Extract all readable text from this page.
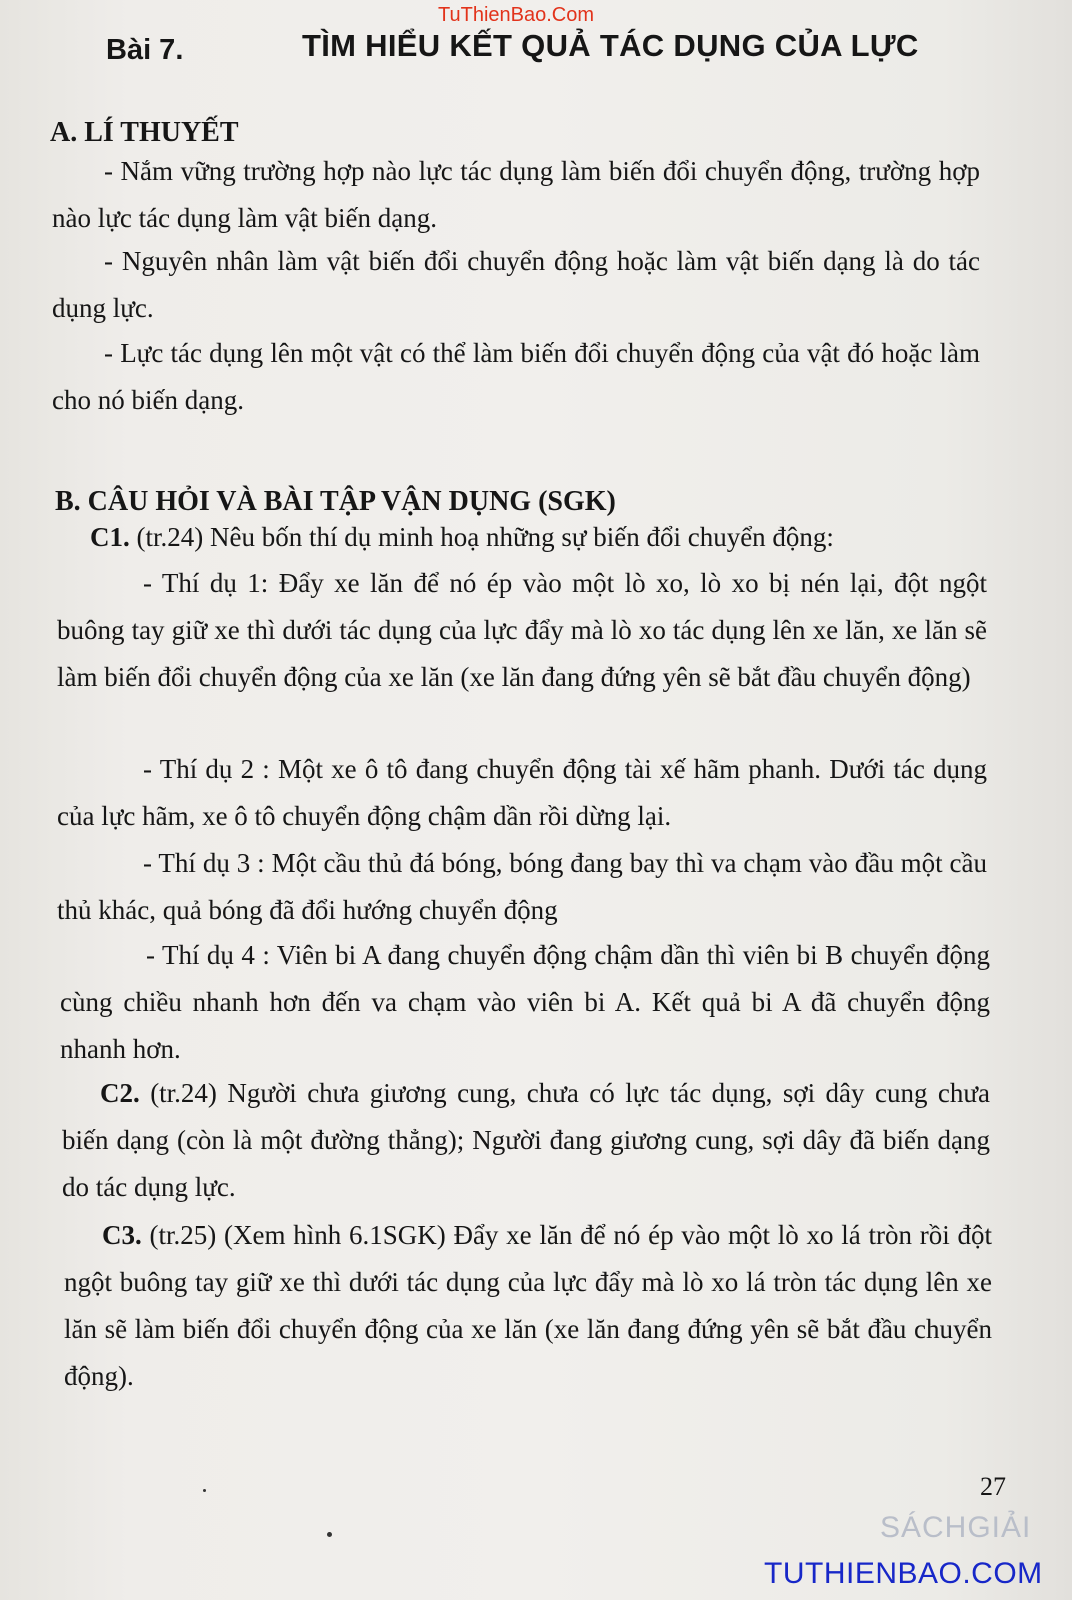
TuThienBao.Com
Bài 7.	TÌM HIỂU KẾT QUẢ TÁC DỤNG CỦA LỰC
A. LÍ THUYẾT

- Nắm vững trường hợp nào lực tác dụng làm biến đổi chuyển động, trường hợp nào lực tác dụng làm vật biến dạng.

- Nguyên nhân làm vật biến đổi chuyển động hoặc làm vật biến dạng là do tác dụng lực.

- Lực tác dụng lên một vật có thể làm biến đổi chuyển động của vật đó hoặc làm cho nó biến dạng.

B. CÂU HỎI VÀ BÀI TẬP VẬN DỤNG (SGK)

C1. (tr.24) Nêu bốn thí dụ minh hoạ những sự biến đổi chuyển động:

- Thí dụ 1: Đẩy xe lăn để nó ép vào một lò xo, lò xo bị nén lại, đột ngột buông tay giữ xe thì dưới tác dụng của lực đẩy mà lò xo tác dụng lên xe lăn, xe lăn sẽ làm biến đổi chuyển động của xe lăn (xe lăn đang đứng yên sẽ bắt đầu chuyển động)

- Thí dụ 2 : Một xe ô tô đang chuyển động tài xế hãm phanh. Dưới tác dụng của lực hãm, xe ô tô chuyển động chậm dần rồi dừng lại.

- Thí dụ 3 : Một cầu thủ đá bóng, bóng đang bay thì va chạm vào đầu một cầu thủ khác, quả bóng đã đổi hướng chuyển động

- Thí dụ 4 : Viên bi A đang chuyển động chậm dần thì viên bi B chuyển động cùng chiều nhanh hơn đến va chạm vào viên bi A. Kết quả bi A đã chuyển động nhanh hơn.

C2. (tr.24) Người chưa giương cung, chưa có lực tác dụng, sợi dây cung chưa biến dạng (còn là một đường thẳng); Người đang giương cung, sợi dây đã biến dạng do tác dụng lực.

C3. (tr.25) (Xem hình 6.1SGK) Đẩy xe lăn để nó ép vào một lò xo lá tròn rồi đột ngột buông tay giữ xe thì dưới tác dụng của lực đẩy mà lò xo lá tròn tác dụng lên xe lăn sẽ làm biến đổi chuyển động của xe lăn (xe lăn đang đứng yên sẽ bắt đầu chuyển động).

27
SÁCHGIẢI
TUTHIENBAO.COM
